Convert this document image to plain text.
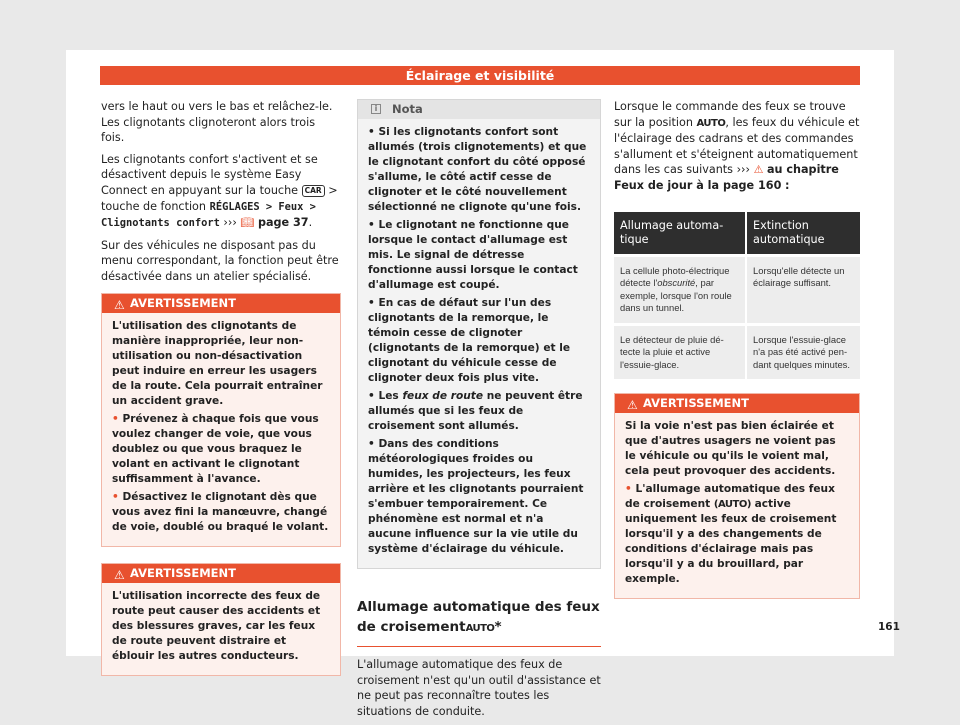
Éclairage et visibilité

vers le haut ou vers le bas et relâchez-le. Les clignotants clignoteront alors trois fois.

Les clignotants confort s'activent et se désactivent depuis le système Easy Connect en appuyant sur la touche CAR > touche de fonction RÉGLAGES > Feux > Clignotants confort ››› 📖︎ page 37.

Sur des véhicules ne disposant pas du menu correspondant, la fonction peut être désactivée dans un atelier spécialisé.

⚠ AVERTISSEMENT

L'utilisation des clignotants de manière inappropriée, leur non-utilisation ou non-désactivation peut induire en erreur les usagers de la route. Cela pourrait entraîner un accident grave.

• Prévenez à chaque fois que vous voulez changer de voie, que vous doublez ou que vous braquez le volant en activant le clignotant suffisamment à l'avance.

• Désactivez le clignotant dès que vous avez fini la manœuvre, changé de voie, doublé ou braqué le volant.

⚠ AVERTISSEMENT

L'utilisation incorrecte des feux de route peut causer des accidents et des blessures graves, car les feux de route peuvent distraire et éblouir les autres conducteurs.

i	Nota

• Si les clignotants confort sont allumés (trois clignotements) et que le clignotant confort du côté opposé s'allume, le côté actif cesse de clignoter et le côté nouvellement sélectionné ne clignote qu'une fois.

• Le clignotant ne fonctionne que lorsque le contact d'allumage est mis. Le signal de détresse fonctionne aussi lorsque le contact d'allumage est coupé.

• En cas de défaut sur l'un des clignotants de la remorque, le témoin cesse de clignoter (clignotants de la remorque) et le clignotant du véhicule cesse de clignoter deux fois plus vite.

• Les feux de route ne peuvent être allumés que si les feux de croisement sont allumés.

• Dans des conditions météorologiques froides ou humides, les projecteurs, les feux arrière et les clignotants pourraient s'embuer temporairement. Ce phénomène est normal et n'a aucune influence sur la vie utile du système d'éclairage du véhicule.

Allumage automatique des feux de croisementAUTO*

L'allumage automatique des feux de croisement n'est qu'un outil d'assistance et ne peut pas reconnaître toutes les situations de conduite.

Lorsque le commande des feux se trouve sur la position AUTO, les feux du véhicule et l'éclairage des cadrans et des commandes s'allument et s'éteignent automatiquement dans les cas suivants ››› ⚠ au chapitre Feux de jour à la page 160 :

Allumage automatique	Extinction automatique
La cellule photo-électrique détecte l'obscurité, par exemple, lorsque l'on roule dans un tunnel.	Lorsqu'elle détecte un éclairage suffisant.
Le détecteur de pluie détecte la pluie et active l'essuie-glace.	Lorsque l'essuie-glace n'a pas été activé pendant quelques minutes.
⚠ AVERTISSEMENT

Si la voie n'est pas bien éclairée et que d'autres usagers ne voient pas le véhicule ou qu'ils le voient mal, cela peut provoquer des accidents.

• L'allumage automatique des feux de croisement (AUTO) active uniquement les feux de croisement lorsqu'il y a des changements de conditions d'éclairage mais pas lorsqu'il y a du brouillard, par exemple.

161
